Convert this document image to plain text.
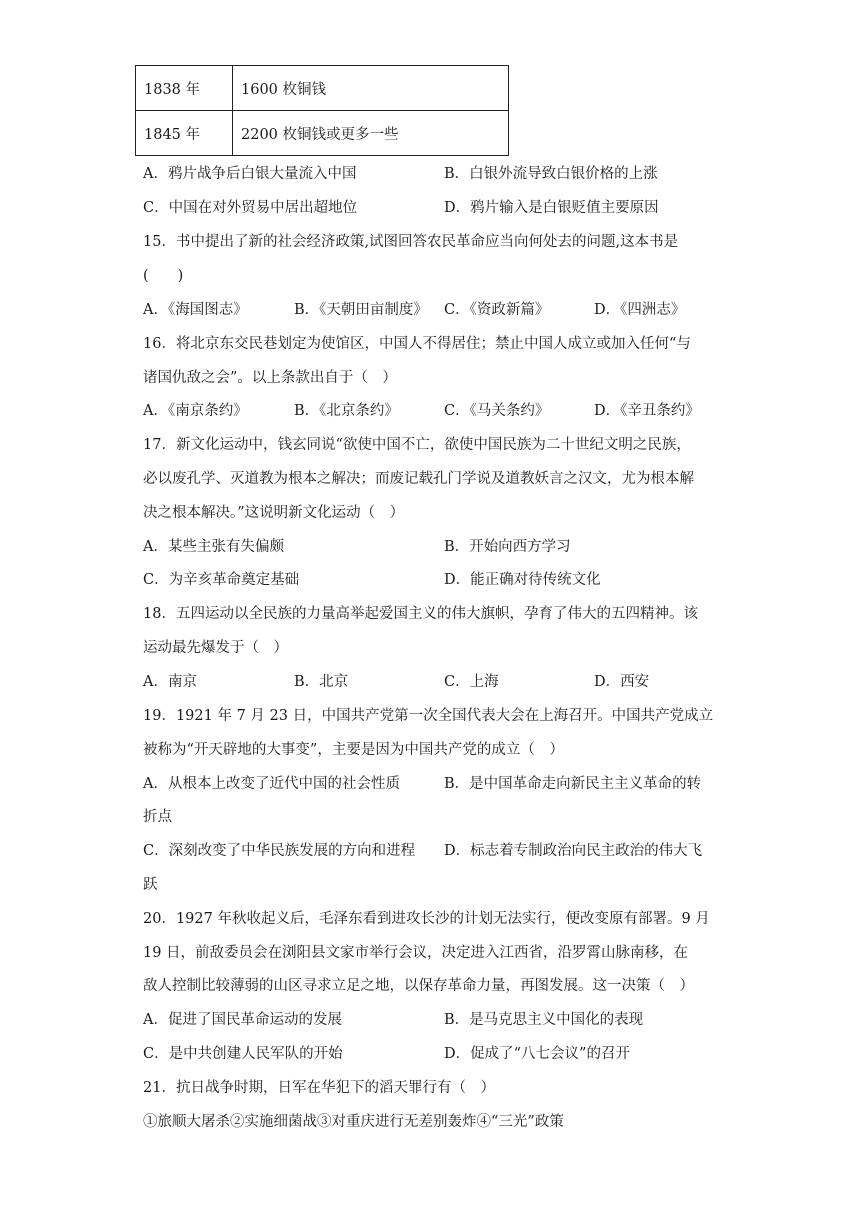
1838 年	1600 枚铜钱
1845 年	2200 枚铜钱或更多一些
A．鸦片战争后白银大量流入中国	B．白银外流导致白银价格的上涨
C．中国在对外贸易中居出超地位	D．鸦片输入是白银贬值主要原因
15．书中提出了新的社会经济政策,试图回答农民革命应当向何处去的问题,这本书是
(　　)
A．《海国图志》	B．《天朝田亩制度》 C．《资政新篇》	D．《四洲志》
16．将北京东交民巷划定为使馆区，中国人不得居住；禁止中国人成立或加入任何“与
诸国仇敌之会”。以上条款出自于（　）
A．《南京条约》	B．《北京条约》	C．《马关条约》	D．《辛丑条约》
17．新文化运动中，钱玄同说“欲使中国不亡，欲使中国民族为二十世纪文明之民族，
必以废孔学、灭道教为根本之解决；而废记载孔门学说及道教妖言之汉文，尤为根本解
决之根本解决。”这说明新文化运动（　）
A．某些主张有失偏颇	B．开始向西方学习
C．为辛亥革命奠定基础	D．能正确对待传统文化
18．五四运动以全民族的力量高举起爱国主义的伟大旗帜，孕育了伟大的五四精神。该
运动最先爆发于（　）
A．南京	B．北京	C．上海	D．西安
19．1921 年 7 月 23 日，中国共产党第一次全国代表大会在上海召开。中国共产党成立
被称为“开天辟地的大事变”，主要是因为中国共产党的成立（　）
A．从根本上改变了近代中国的社会性质	B．是中国革命走向新民主主义革命的转
折点
C．深刻改变了中华民族发展的方向和进程 D．标志着专制政治向民主政治的伟大飞
跃
20．1927 年秋收起义后，毛泽东看到进攻长沙的计划无法实行，便改变原有部署。9 月
19 日，前敌委员会在浏阳县文家市举行会议，决定进入江西省，沿罗霄山脉南移，在
敌人控制比较薄弱的山区寻求立足之地，以保存革命力量，再图发展。这一决策（　）
A．促进了国民革命运动的发展	B．是马克思主义中国化的表现
C．是中共创建人民军队的开始	D．促成了“八七会议”的召开
21．抗日战争时期，日军在华犯下的滔天罪行有（　）
①旅顺大屠杀②实施细菌战③对重庆进行无差别轰炸④“三光”政策
